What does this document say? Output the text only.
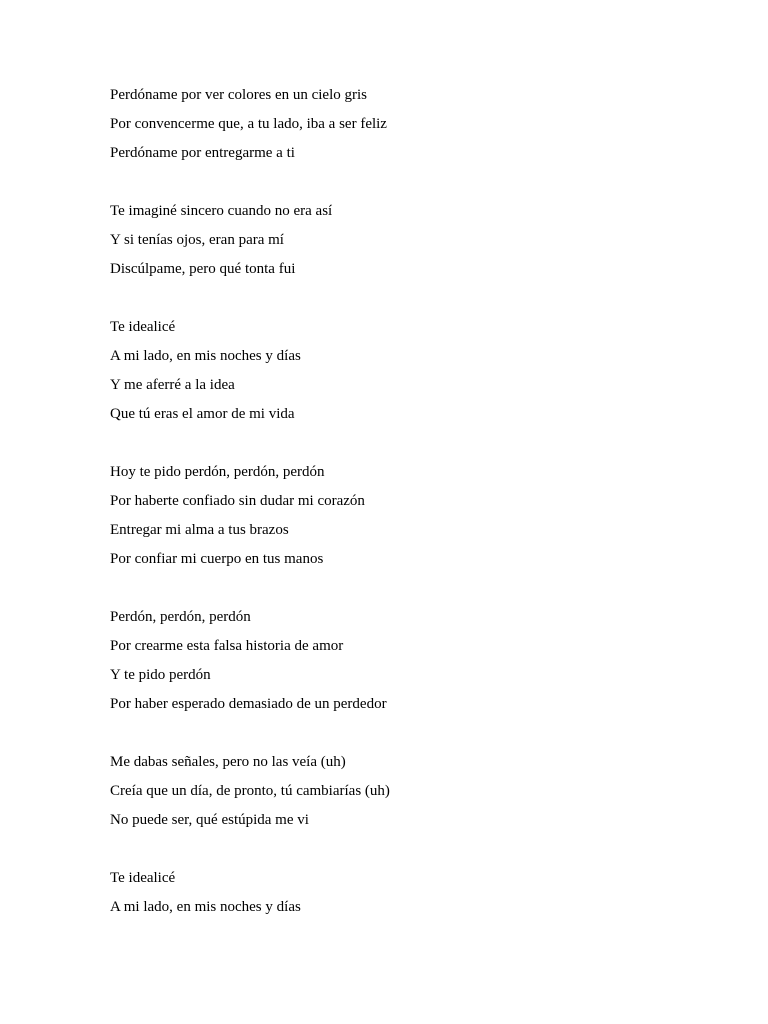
Perdóname por ver colores en un cielo gris
Por convencerme que, a tu lado, iba a ser feliz
Perdóname por entregarme a ti
Te imaginé sincero cuando no era así
Y si tenías ojos, eran para mí
Discúlpame, pero qué tonta fui
Te idealicé
A mi lado, en mis noches y días
Y me aferré a la idea
Que tú eras el amor de mi vida
Hoy te pido perdón, perdón, perdón
Por haberte confiado sin dudar mi corazón
Entregar mi alma a tus brazos
Por confiar mi cuerpo en tus manos
Perdón, perdón, perdón
Por crearme esta falsa historia de amor
Y te pido perdón
Por haber esperado demasiado de un perdedor
Me dabas señales, pero no las veía (uh)
Creía que un día, de pronto, tú cambiarías (uh)
No puede ser, qué estúpida me vi
Te idealicé
A mi lado, en mis noches y días
